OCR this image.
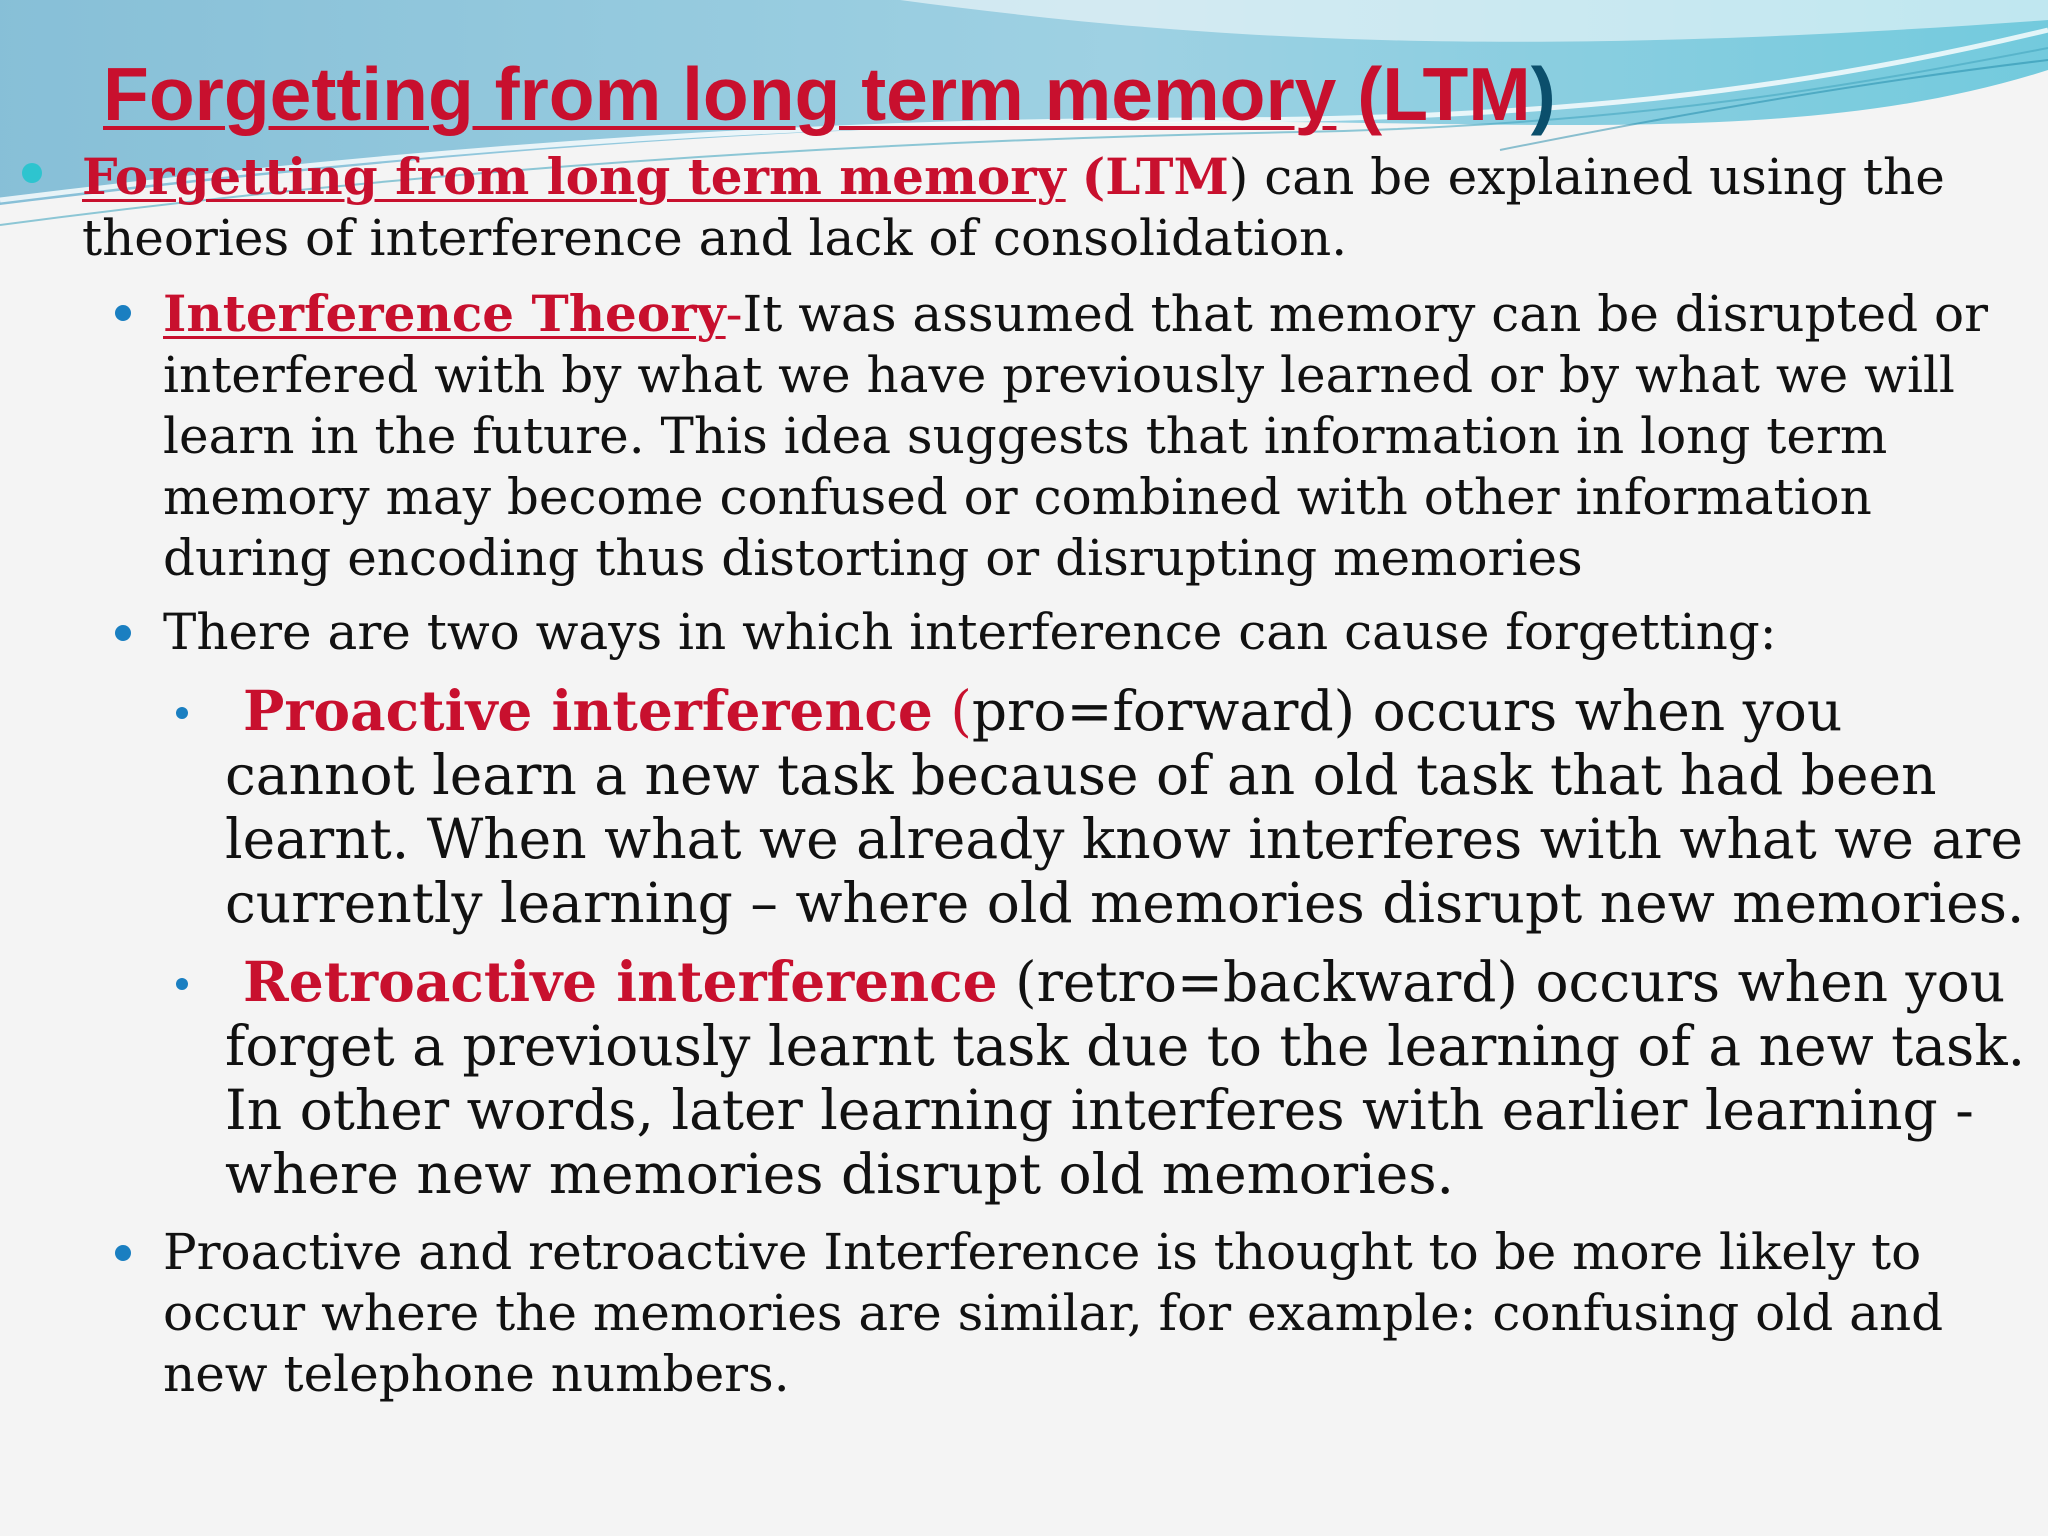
Forgetting from long term memory (LTM)
Forgetting from long term memory (LTM) can be explained using the theories of interference and lack of consolidation.
Interference Theory-It was assumed that memory can be disrupted or interfered with by what we have previously learned or by what we will learn in the future. This idea suggests that information in long term memory may become confused or combined with other information during encoding thus distorting or disrupting memories
There are two ways in which interference can cause forgetting:
Proactive interference (pro=forward) occurs when you cannot learn a new task because of an old task that had been learnt. When what we already know interferes with what we are currently learning – where old memories disrupt new memories.
Retroactive interference (retro=backward) occurs when you forget a previously learnt task due to the learning of a new task. In other words, later learning interferes with earlier learning - where new memories disrupt old memories.
Proactive and retroactive Interference is thought to be more likely to occur where the memories are similar, for example: confusing old and new telephone numbers.
